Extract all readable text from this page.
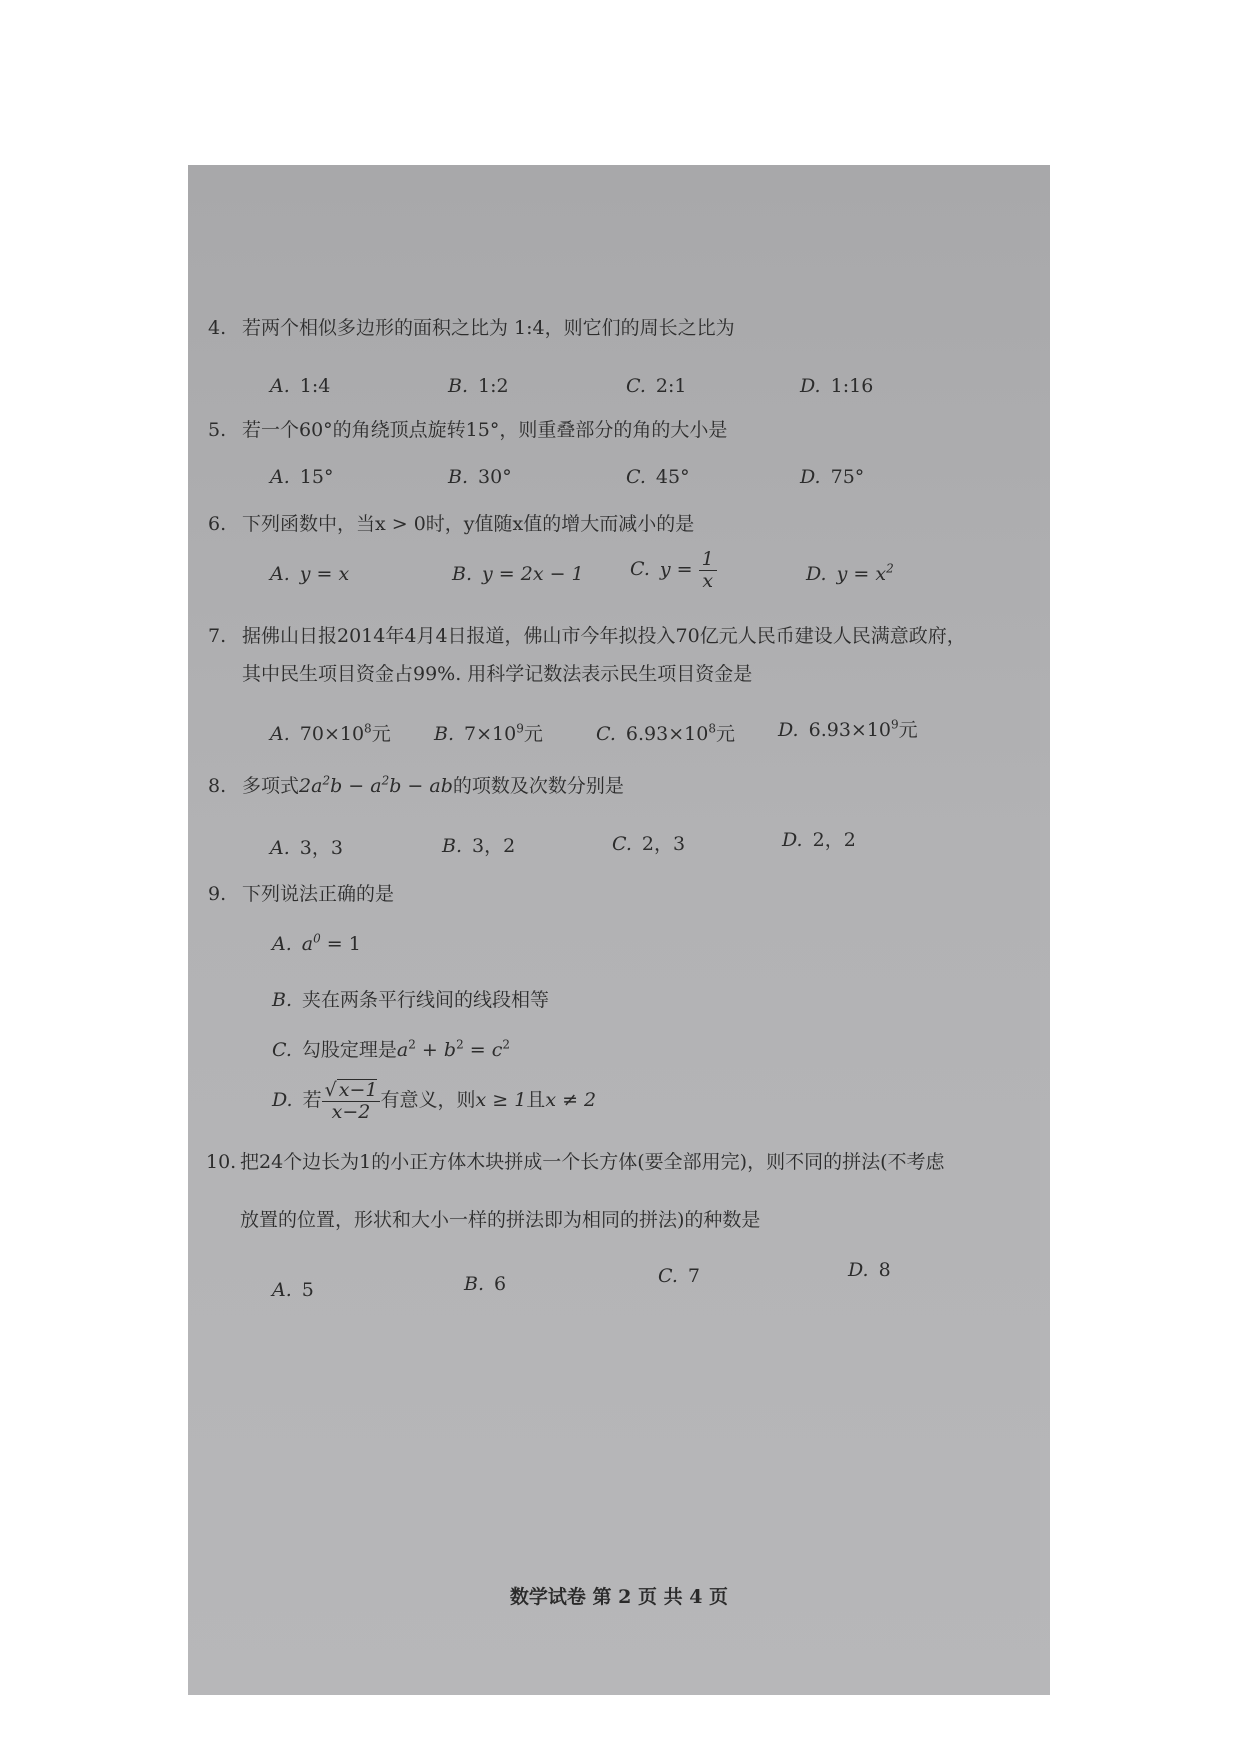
4. 若两个相似多边形的面积之比为 1:4，则它们的周长之比为
A. 1:4	B. 1:2	C. 2:1	D. 1:16
5. 若一个60°的角绕顶点旋转15°，则重叠部分的角的大小是
A. 15°	B. 30°	C. 45°	D. 75°
6. 下列函数中，当x > 0时，y值随x值的增大而减小的是
A. y = x	B. y = 2x − 1 C. $y = \frac{1}{x}$	D. $y = x^2$
7. 据佛山日报2014年4月4日报道，佛山市今年拟投入70亿元人民币建设人民满意政府，
其中民生项目资金占99%. 用科学记数法表示民生项目资金是
A. $70\times 10^8$元 B. $7\times 10^9$元	C. $6.93\times 10^8$元 D. $6.93\times 10^9$元
8. 多项式$2a^2b - a^2b$ − ab的项数及次数分别是
A. 3，3	B. 3，2	C. 2，3	D. 2，2
9. 下列说法正确的是
A. $a^0 = 1$
B. 夹在两条平行线间的线段相等
C. 勾股定理是$a^2 + b^2 = c^2$
D. 若 $\frac{√ x-1}{x-2}$ 有意义，则x ≥ 1且x ≠ 2
10. 把24个边长为1的小正方体木块拼成一个长方体(要全部用完)，则不同的拼法(不考虑
放置的位置，形状和大小一样的拼法即为相同的拼法)的种数是
A. 5	B. 6	C. 7	D. 8
数学试卷 第 2 页 共 4 页
